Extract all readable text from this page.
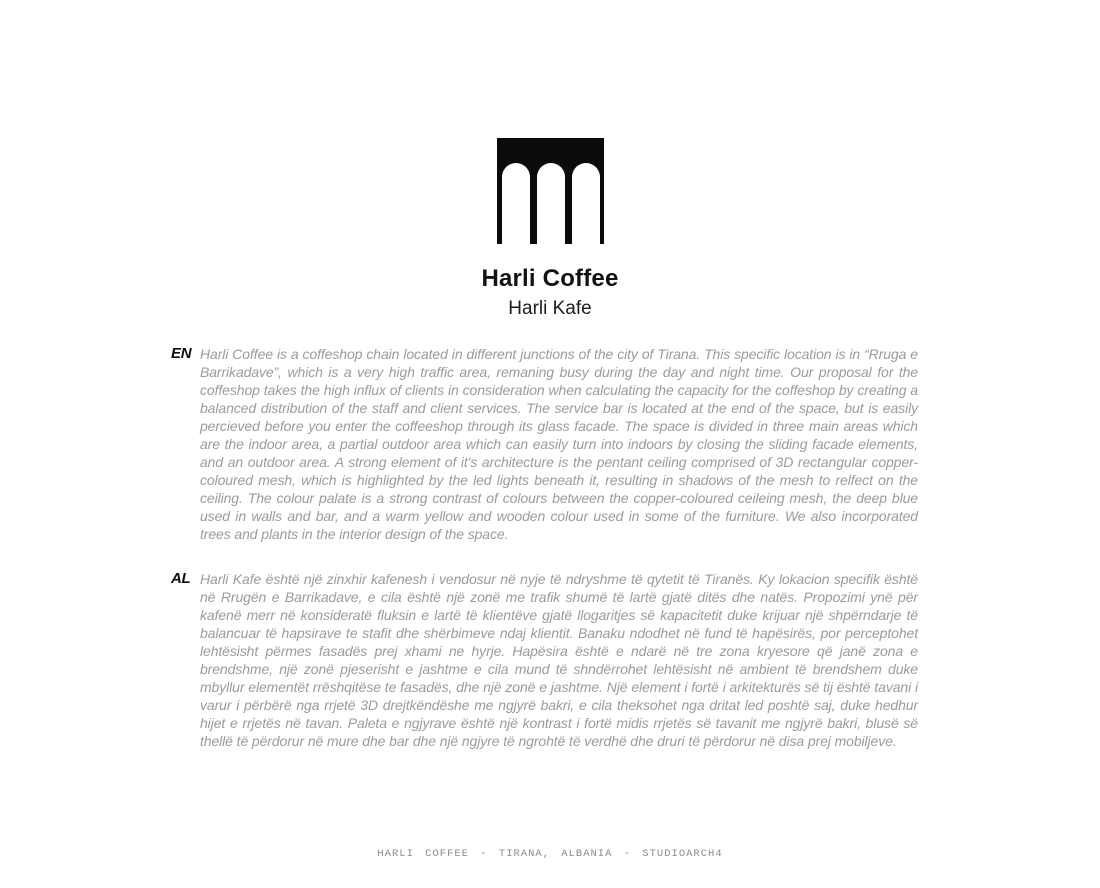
Harli Coffee
Harli Kafe
EN Harli Coffee is a coffeshop chain located in different junctions of the city of Tirana. This specific location is in “Rruga e Barrikadave”, which is a very high traffic area, remaning busy during the day and night time. Our proposal for the coffeshop takes the high influx of clients in consideration when calculating the capacity for the coffeshop by creating a balanced distribution of the staff and client services. The service bar is located at the end of the space, but is easily percieved before you enter the coffeeshop through its glass facade. The space is divided in three main areas which are the indoor area, a partial outdoor area which can easily turn into indoors by closing the sliding facade elements, and an outdoor area. A strong element of it's architecture is the pentant ceiling comprised of 3D rectangular copper-coloured mesh, which is highlighted by the led lights beneath it, resulting in shadows of the mesh to relfect on the ceiling. The colour palate is a strong contrast of colours between the copper-coloured ceileing mesh, the deep blue used in walls and bar, and a warm yellow and wooden colour used in some of the furniture. We also incorporated trees and plants in the interior design of the space.

AL Harli Kafe është një zinxhir kafenesh i vendosur në nyje të ndryshme të qytetit të Tiranës. Ky lokacion specifik është në Rrugën e Barrikadave, e cila është një zonë me trafik shumë të lartë gjatë ditës dhe natës. Propozimi ynë për kafenë merr në konsideratë fluksin e lartë të klientëve gjatë llogaritjes së kapacitetit duke krijuar një shpërndarje të balancuar të hapsirave te stafit dhe shërbimeve ndaj klientit. Banaku ndodhet në fund të hapësirës, por perceptohet lehtësisht përmes fasadës prej xhami ne hyrje. Hapësira është e ndarë në tre zona kryesore që janë zona e brendshme, një zonë pjeserisht e jashtme e cila mund të shndërrohet lehtësisht në ambient të brendshem duke mbyllur elementët rrëshqitëse te fasadës, dhe një zonë e jashtme. Një element i fortë i arkitekturës së tij është tavani i varur i përbërë nga rrjetë 3D drejtkëndëshe me ngjyrë bakri, e cila theksohet nga dritat led poshtë saj, duke hedhur hijet e rrjetës në tavan. Paleta e ngjyrave është një kontrast i fortë midis rrjetës së tavanit me ngjyrë bakri, blusë së thellë të përdorur në mure dhe bar dhe një ngjyre të ngrohtë të verdhë dhe druri të përdorur në disa prej mobiljeve.

HARLI COFFEE - TIRANA, ALBANIA - STUDIOARCH4
